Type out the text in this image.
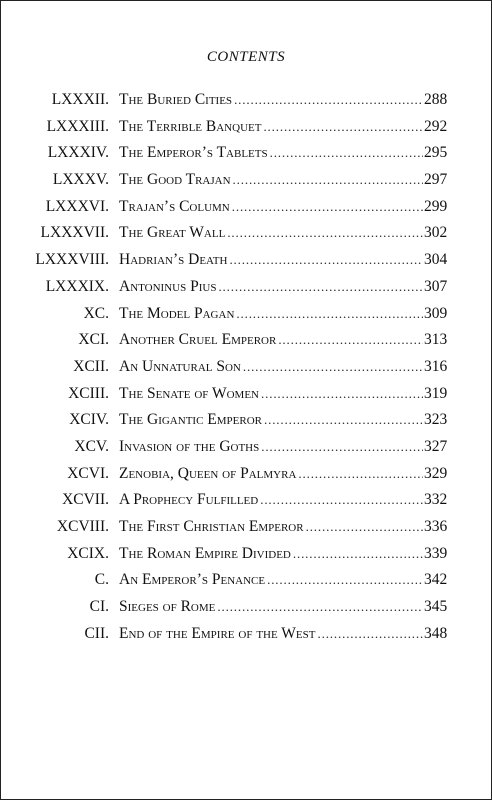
CONTENTS
LXXXII. The Buried Cities . . .	288
LXXXIII. The Terrible Banquet . . .	292
LXXXIV. The Emperor’s Tablets . . .	295
LXXXV. The Good Trajan . . .	297
LXXXVI. Trajan’s Column . . .	299
LXXXVII. The Great Wall . . .	302
LXXXVIII. Hadrian’s Death . . .	304
LXXXIX. Antoninus Pius . . .	307
XC. The Model Pagan . . .	309
XCI. Another Cruel Emperor . . .	313
XCII. An Unnatural Son . . .	316
XCIII. The Senate of Women . . .	319
XCIV. The Gigantic Emperor . . .	323
XCV. Invasion of the Goths . . .	327
XCVI. Zenobia, Queen of Palmyra . . .	329
XCVII. A Prophecy Fulfilled . . .	332
XCVIII. The First Christian Emperor . . .	336
XCIX. The Roman Empire Divided . . .	339
C. An Emperor’s Penance . . .	342
CI. Sieges of Rome . . .	345
CII. End of the Empire of the West . . .	348
